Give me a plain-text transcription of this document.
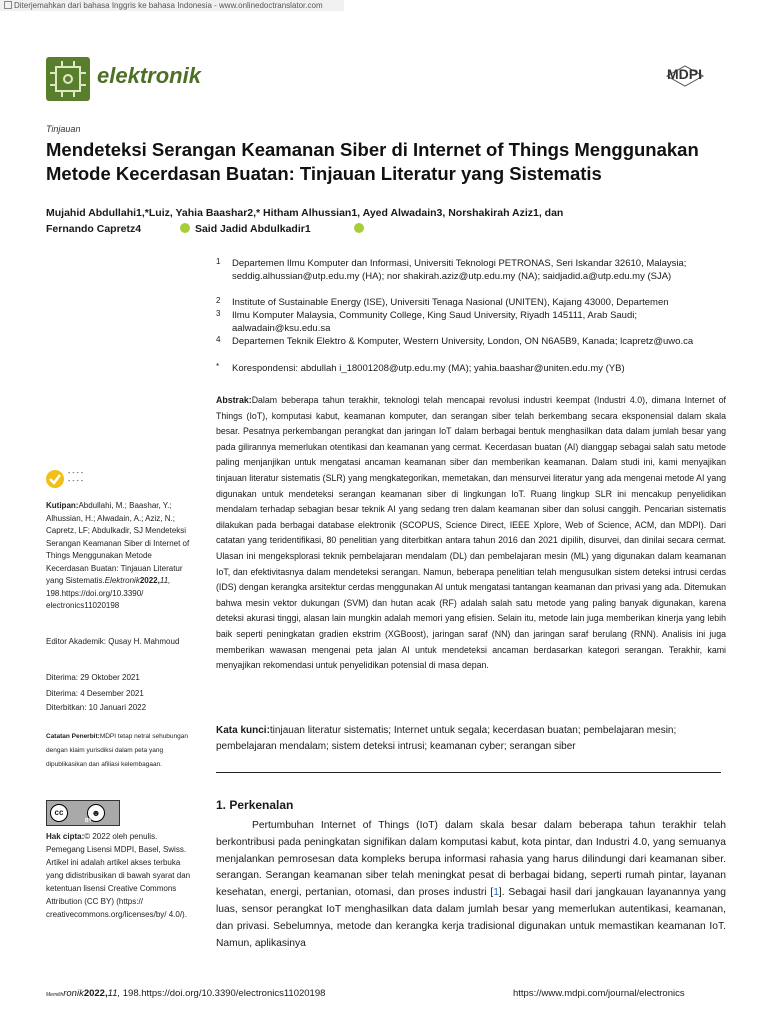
Diterjemahkan dari bahasa Inggris ke bahasa Indonesia - www.onlinedoctranslator.com
elektronik	MDPI
Tinjauan
Mendeteksi Serangan Keamanan Siber di Internet of Things Menggunakan Metode Kecerdasan Buatan: Tinjauan Literatur yang Sistematis
Mujahid Abdullahi1,*Luiz, Yahia Baashar2,* Hitham Alhussian1, Ayed Alwadain3, Norshakirah Aziz1, dan
Fernando Capretz4	Said Jadid Abdulkadir1
1 Departemen Ilmu Komputer dan Informasi, Universiti Teknologi PETRONAS, Seri Iskandar 32610, Malaysia; seddig.alhussian@utp.edu.my (HA); nor shakirah.aziz@utp.edu.my (NA); saidjadid.a@utp.edu.my (SJA)
2 Institute of Sustainable Energy (ISE), Universiti Tenaga Nasional (UNITEN), Kajang 43000, Departemen
3 Ilmu Komputer Malaysia, Community College, King Saud University, Riyadh 145111, Arab Saudi; aalwadain@ksu.edu.sa
4 Departemen Teknik Elektro & Komputer, Western University, London, ON N6A5B9, Kanada; lcapretz@uwo.ca
* Korespondensi: abdullah i_18001208@utp.edu.my (MA); yahia.baashar@uniten.edu.my (YB)
Abstrak:Dalam beberapa tahun terakhir, teknologi telah mencapai revolusi industri keempat (Industri 4.0), dimana Internet of Things (IoT), komputasi kabut, keamanan komputer, dan serangan siber telah berkembang secara eksponensial dalam skala besar. Pesatnya perkembangan perangkat dan jaringan IoT dalam berbagai bentuk menghasilkan data dalam jumlah besar yang pada gilirannya memerlukan otentikasi dan keamanan yang cermat. Kecerdasan buatan (AI) dianggap sebagai salah satu metode paling menjanjikan untuk mengatasi ancaman keamanan siber dan memberikan keamanan. Dalam studi ini, kami menyajikan tinjauan literatur sistematis (SLR) yang mengkategorikan, memetakan, dan mensurvei literatur yang ada mengenai metode AI yang digunakan untuk mendeteksi serangan keamanan siber di lingkungan IoT. Ruang lingkup SLR ini mencakup penyelidikan mendalam terhadap sebagian besar teknik AI yang sedang tren dalam keamanan siber dan solusi canggih. Pencarian sistematis dilakukan pada berbagai database elektronik (SCOPUS, Science Direct, IEEE Xplore, Web of Science, ACM, dan MDPI). Dari catatan yang teridentifikasi, 80 penelitian yang diterbitkan antara tahun 2016 dan 2021 dipilih, disurvei, dan dinilai secara cermat. Ulasan ini mengeksplorasi teknik pembelajaran mendalam (DL) dan pembelajaran mesin (ML) yang digunakan dalam keamanan IoT, dan efektivitasnya dalam mendeteksi serangan. Namun, beberapa penelitian telah mengusulkan sistem deteksi intrusi cerdas (IDS) dengan kerangka arsitektur cerdas menggunakan AI untuk mengatasi tantangan keamanan dan privasi yang ada. Ditemukan bahwa mesin vektor dukungan (SVM) dan hutan acak (RF) adalah salah satu metode yang paling banyak digunakan, karena deteksi akurasi tinggi, alasan lain mungkin adalah memori yang efisien. Selain itu, metode lain juga memberikan kinerja yang lebih baik seperti peningkatan gradien ekstrim (XGBoost), jaringan saraf (NN) dan jaringan saraf berulang (RNN). Analisis ini juga memberikan wawasan mengenai peta jalan AI untuk mendeteksi ancaman berdasarkan kategori serangan. Terakhir, kami menyajikan rekomendasi untuk penyelidikan potensial di masa depan.
Kata kunci:tinjauan literatur sistematis; Internet untuk segala; kecerdasan buatan; pembelajaran mesin; pembelajaran mendalam; sistem deteksi intrusi; keamanan cyber; serangan siber
1. Perkenalan
Pertumbuhan Internet of Things (IoT) dalam skala besar dalam beberapa tahun terakhir telah berkontribusi pada peningkatan signifikan dalam komputasi kabut, kota pintar, dan Industri 4.0, yang semuanya menjalankan pemrosesan data kompleks berupa informasi rahasia yang harus dilindungi dari keamanan siber. serangan. Serangan keamanan siber telah meningkat pesat di berbagai bidang, seperti rumah pintar, layanan kesehatan, energi, pertanian, otomasi, dan proses industri [1]. Sebagai hasil dari jangkauan layanannya yang luas, sensor perangkat IoT menghasilkan data dalam jumlah besar yang memerlukan autentikasi, keamanan, dan privasi. Sebelumnya, metode dan kerangka kerja tradisional digunakan untuk memastikan keamanan IoT. Namun, aplikasinya
- - - -
- - - -
Kutipan:Abdullahi, M.; Baashar, Y.; Alhussian, H.; Alwadain, A.; Aziz, N.; Capretz, LF; Abdulkadir, SJ Mendeteksi Serangan Keamanan Siber di Internet of Things Menggunakan Metode Kecerdasan Buatan: Tinjauan Literatur yang Sistematis.Elektronik2022,11, 198.https://doi.org/10.3390/ electronics11020198
Editor Akademik: Qusay H. Mahmoud
Diterima: 29 Oktober 2021
Diterima: 4 Desember 2021
Diterbitkan: 10 Januari 2022
Catatan Penerbit:MDPI tetap netral sehubungan dengan klaim yurisdiksi dalam peta yang dipublikasikan dan afiliasi kelembagaan.
cc	☻
BY
Hak cipta:© 2022 oleh penulis. Pemegang Lisensi MDPI, Basel, Swiss. Artikel ini adalah artikel akses terbuka yang didistribusikan di bawah syarat dan ketentuan lisensi Creative Commons Attribution (CC BY) (https:// creativecommons.org/licenses/by/ 4.0/).
Memilihronik2022,11, 198.https://doi.org/10.3390/electronics11020198	https://www.mdpi.com/journal/electronics
